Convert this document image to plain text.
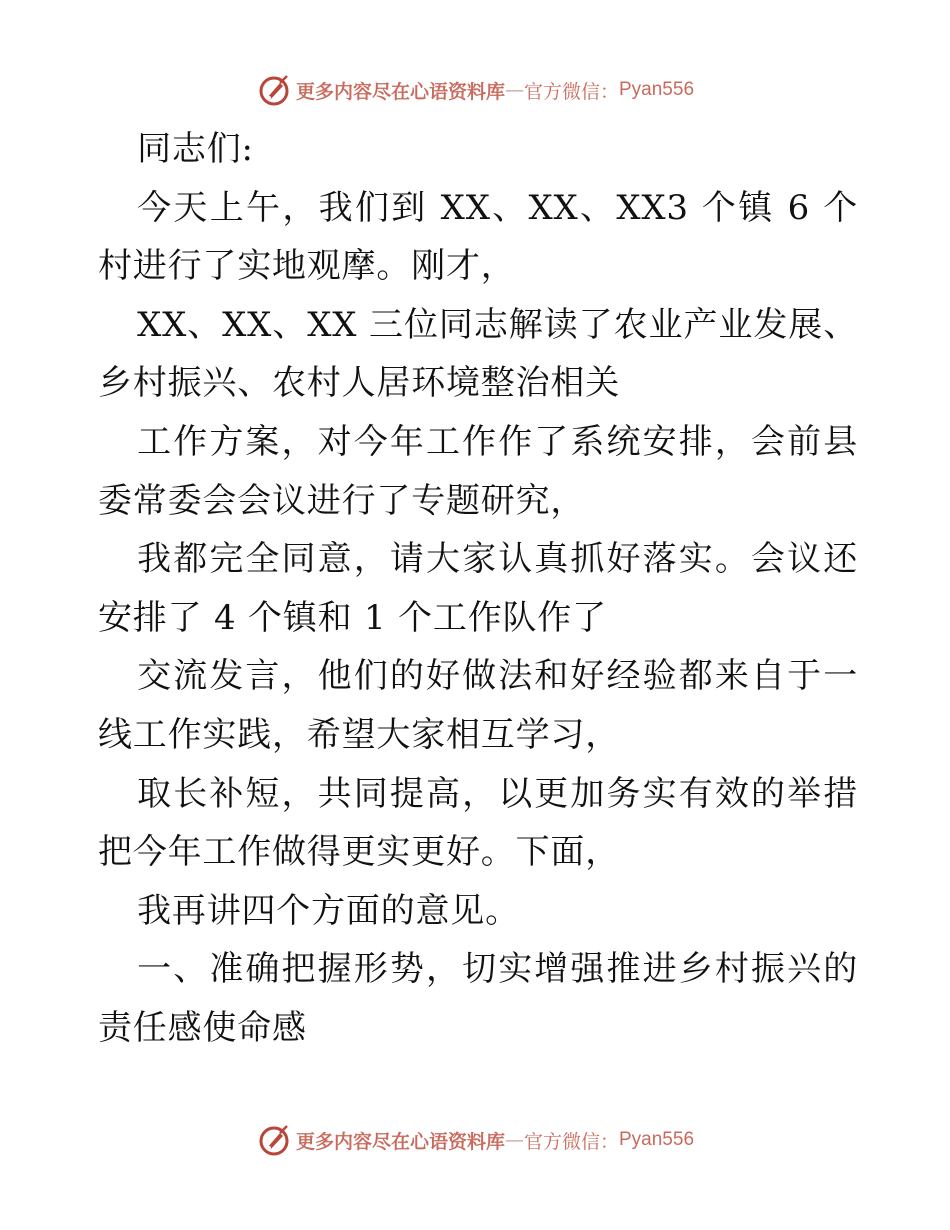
更多内容尽在心语资料库 — 官方微信： Pyan556

同志们:

今天上午，我们到 XX、XX、XX3 个镇 6 个村进行了实地观摩。刚才，

XX、XX、XX 三位同志解读了农业产业发展、乡村振兴、农村人居环境整治相关

工作方案，对今年工作作了系统安排，会前县委常委会会议进行了专题研究，

我都完全同意，请大家认真抓好落实。会议还安排了 4 个镇和 1 个工作队作了

交流发言，他们的好做法和好经验都来自于一线工作实践，希望大家相互学习，

取长补短，共同提高，以更加务实有效的举措把今年工作做得更实更好。下面，

我再讲四个方面的意见。

一、准确把握形势，切实增强推进乡村振兴的责任感使命感

更多内容尽在心语资料库 — 官方微信： Pyan556
